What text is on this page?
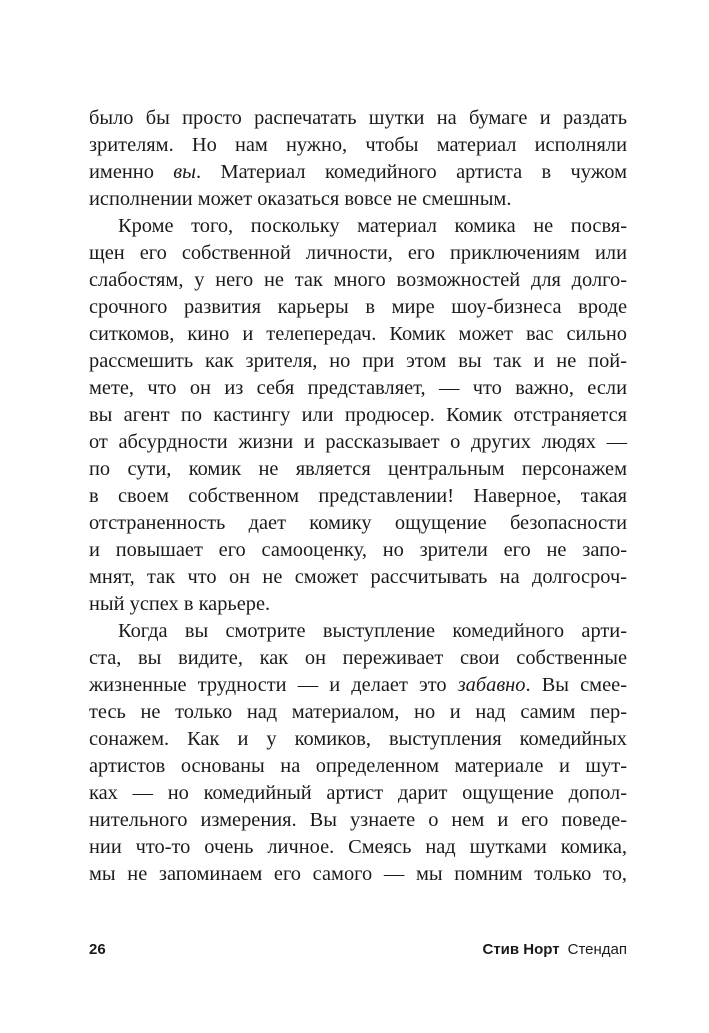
было бы просто распечатать шутки на бумаге и раздать
зрителям. Но нам нужно, чтобы материал исполняли
именно вы. Материал комедийного артиста в чужом
исполнении может оказаться вовсе не смешным.
Кроме того, поскольку материал комика не посвя-
щен его собственной личности, его приключениям или
слабостям, у него не так много возможностей для долго-
срочного развития карьеры в мире шоу-бизнеса вроде
ситкомов, кино и телепередач. Комик может вас сильно
рассмешить как зрителя, но при этом вы так и не пой-
мете, что он из себя представляет, — что важно, если
вы агент по кастингу или продюсер. Комик отстраняется
от абсурдности жизни и рассказывает о других людях —
по сути, комик не является центральным персонажем
в своем собственном представлении! Наверное, такая
отстраненность дает комику ощущение безопасности
и повышает его самооценку, но зрители его не запо-
мнят, так что он не сможет рассчитывать на долгосроч-
ный успех в карьере.
Когда вы смотрите выступление комедийного арти-
ста, вы видите, как он переживает свои собственные
жизненные трудности — и делает это забавно. Вы смее-
тесь не только над материалом, но и над самим пер-
сонажем. Как и у комиков, выступления комедийных
артистов основаны на определенном материале и шут-
ках — но комедийный артист дарит ощущение допол-
нительного измерения. Вы узнаете о нем и его поведе-
нии что-то очень личное. Смеясь над шутками комика,
мы не запоминаем его самого — мы помним только то,
26	Стив Норт Стендап
